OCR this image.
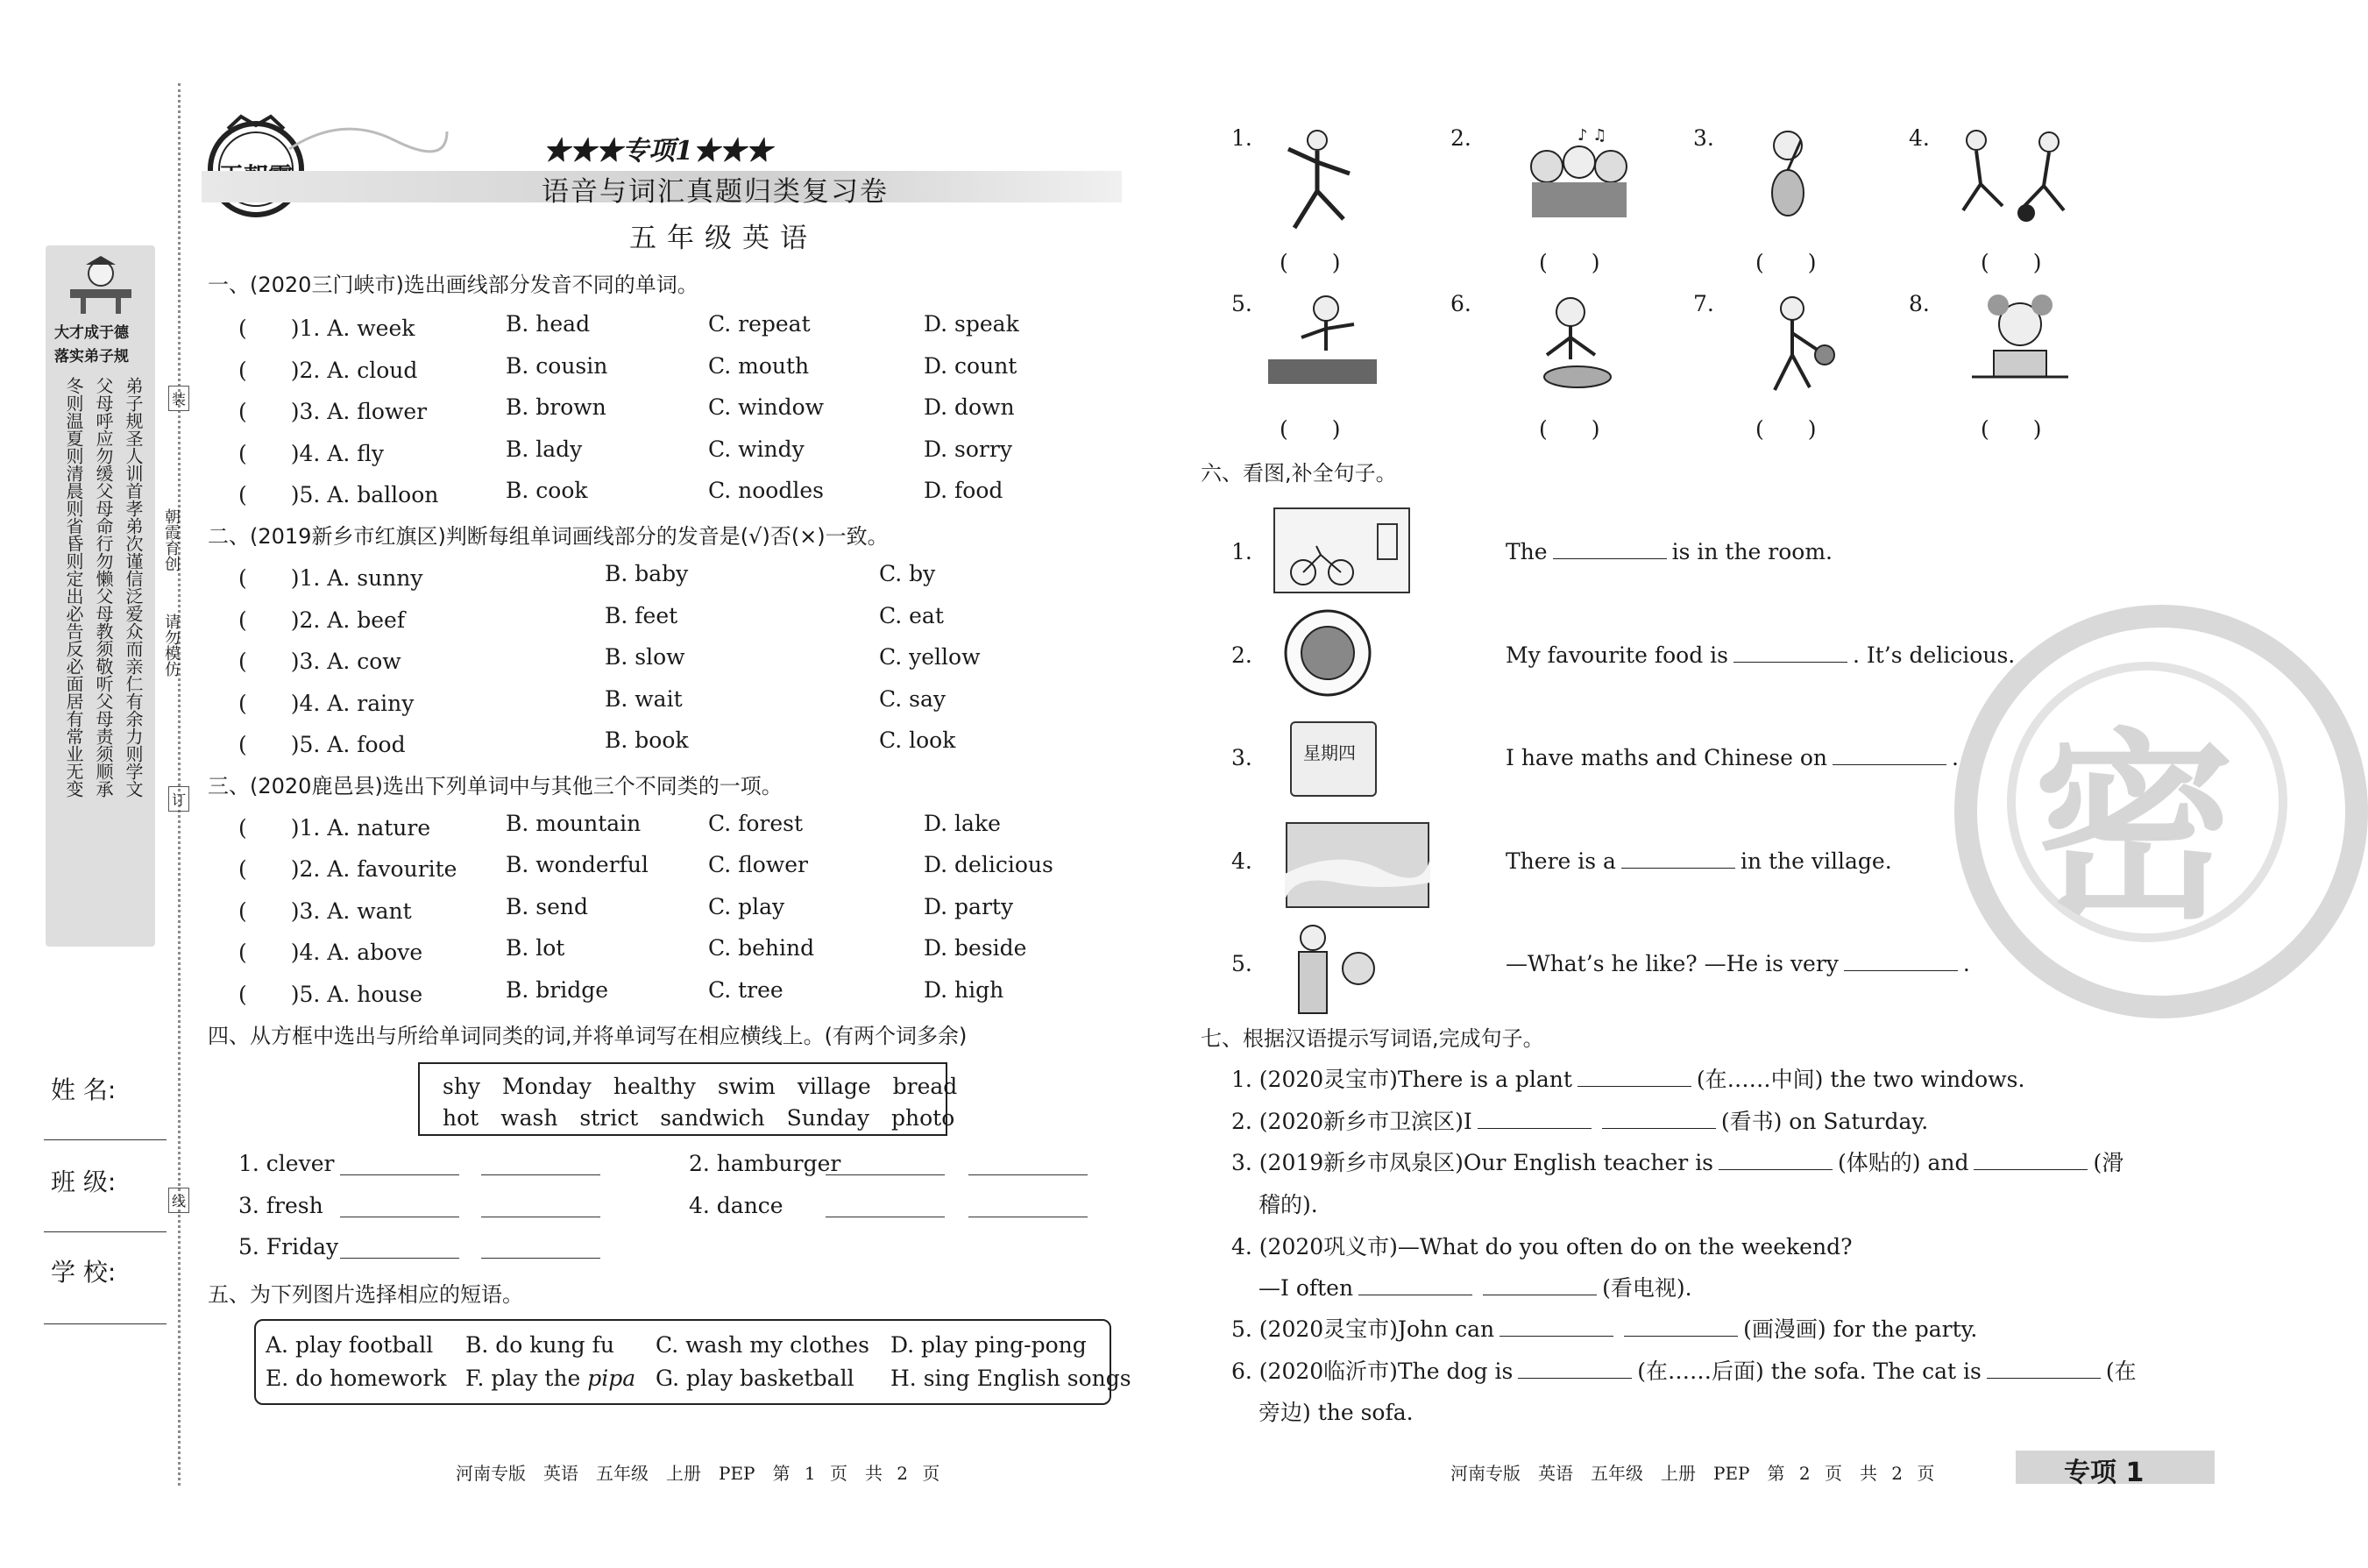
大才成于德
落实弟子规
弟子规圣人训首孝弟次谨信泛爱众而亲仁有余力则学文
父母呼应勿缓父母命行勿懒父母教须敬听父母责须顺承
冬则温夏则清晨则省昏则定出必告反必面居有常业无变	朝霞育创
请勿模仿
装
订
线
姓 名:
班 级:
学 校:
★★★专项1★★★
语音与词汇真题归类复习卷
五年级英语
一、(2020三门峡市)选出画线部分发音不同的单词。
(　　)1. A. week	B. head	C. repeat	D. speak
(　　)2. A. cloud	B. cousin	C. mouth	D. count
(　　)3. A. flower	B. brown	C. window	D. down
(　　)4. A. fly	B. lady	C. windy	D. sorry
(　　)5. A. balloon	B. cook	C. noodles	D. food
二、(2019新乡市红旗区)判断每组单词画线部分的发音是(√)否(×)一致。
(　　)1. A. sunny	B. baby	C. by
(　　)2. A. beef	B. feet	C. eat
(　　)3. A. cow	B. slow	C. yellow
(　　)4. A. rainy	B. wait	C. say
(　　)5. A. food	B. book	C. look
三、(2020鹿邑县)选出下列单词中与其他三个不同类的一项。
(　　)1. A. nature	B. mountain	C. forest	D. lake
(　　)2. A. favourite B. wonderful	C. flower	D. delicious
(　　)3. A. want	B. send	C. play	D. party
(　　)4. A. above	B. lot	C. behind	D. beside
(　　)5. A. house	B. bridge	C. tree	D. high
四、从方框中选出与所给单词同类的词,并将单词写在相应横线上。(有两个词多余)
shy　Monday　healthy　swim　village　bread
hot　wash　strict　sandwich　Sunday　photo
1. clever	2. hamburger
3. fresh	4. dance
5. Friday
五、为下列图片选择相应的短语。
A. play football B. do kung fu C. wash my clothes D. play ping-pong
E. do homework F. play the pipa G. play basketball H. sing English songs
河南专版　英语　五年级　上册　PEP　第 1 页　共 2 页
1.	2.	3.	4.
♪ ♫
(　　)	(　　)	(　　)	(　　)
5.	6.	7.	8.
(　　)	(　　)	(　　)	(　　)
六、看图,补全句子。
1.	The	is in the room.
2.	My favourite food is	. It’s delicious.
3.	星期四	I have maths and Chinese on	.
4.	There is a	in the village.
5.	—What’s he like? —He is very	.
七、根据汉语提示写词语,完成句子。
1. (2020灵宝市)There is a plant	(在……中间) the two windows.
2. (2020新乡市卫滨区)I	(看书) on Saturday.
3. (2019新乡市凤泉区)Our English teacher is	(体贴的) and	(滑
稽的).
4. (2020巩义市)—What do you often do on the weekend?
—I often	(看电视).
5. (2020灵宝市)John can	(画漫画) for the party.
6. (2020临沂市)The dog is	(在……后面) the sofa. The cat is	(在
旁边) the sofa.
密
河南专版　英语　五年级　上册　PEP　第 2 页　共 2 页	专项 1
